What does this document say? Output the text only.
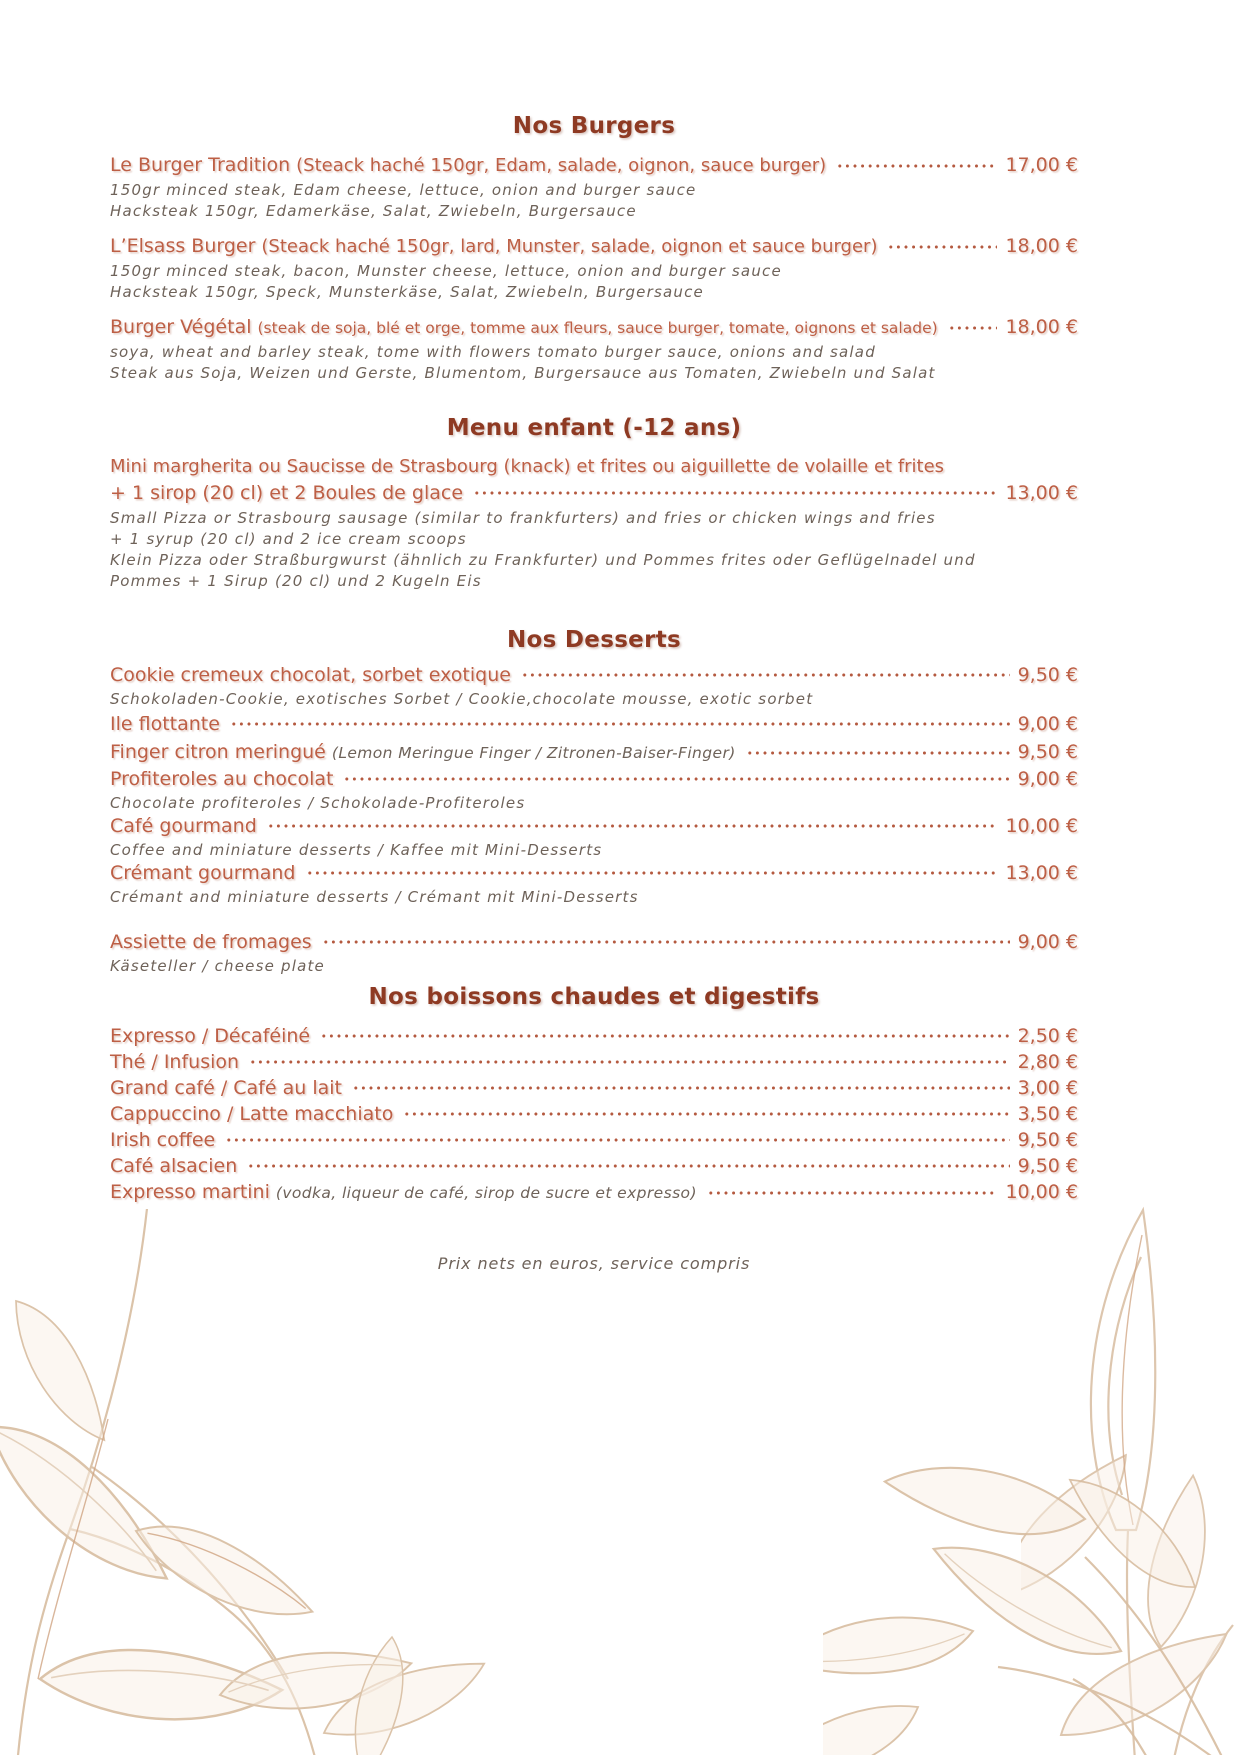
Nos Burgers
Le Burger Tradition (Steack haché 150gr, Edam, salade, oignon, sauce burger)	17,00 €
150gr minced steak, Edam cheese, lettuce, onion and burger sauce
Hacksteak 150gr, Edamerkäse, Salat, Zwiebeln, Burgersauce
L’Elsass Burger (Steack haché 150gr, lard, Munster, salade, oignon et sauce burger)	18,00 €
150gr minced steak, bacon, Munster cheese, lettuce, onion and burger sauce
Hacksteak 150gr, Speck, Munsterkäse, Salat, Zwiebeln, Burgersauce
Burger Végétal (steak de soja, blé et orge, tomme aux fleurs, sauce burger, tomate, oignons et salade)	18,00 €
soya, wheat and barley steak, tome with flowers tomato burger sauce, onions and salad
Steak aus Soja, Weizen und Gerste, Blumentom, Burgersauce aus Tomaten, Zwiebeln und Salat
Menu enfant (-12 ans)
Mini margherita ou Saucisse de Strasbourg (knack) et frites ou aiguillette de volaille et frites
+ 1 sirop (20 cl) et 2 Boules de glace	13,00 €
Small Pizza or Strasbourg sausage (similar to frankfurters) and fries or chicken wings and fries
+ 1 syrup (20 cl) and 2 ice cream scoops
Klein Pizza oder Straßburgwurst (ähnlich zu Frankfurter) und Pommes frites oder Geflügelnadel und
Pommes + 1 Sirup (20 cl) und 2 Kugeln Eis
Nos Desserts
Cookie cremeux chocolat, sorbet exotique	9,50 €
Schokoladen-Cookie, exotisches Sorbet / Cookie,chocolate mousse, exotic sorbet
Ile flottante	9,00 €
Finger citron meringué (Lemon Meringue Finger / Zitronen-Baiser-Finger)	9,50 €
Profiteroles au chocolat	9,00 €
Chocolate profiteroles / Schokolade-Profiteroles
Café gourmand	10,00 €
Coffee and miniature desserts / Kaffee mit Mini-Desserts
Crémant gourmand	13,00 €
Crémant and miniature desserts / Crémant mit Mini-Desserts
Assiette de fromages	9,00 €
Käseteller / cheese plate
Nos boissons chaudes et digestifs
Expresso / Décaféiné	2,50 €
Thé / Infusion	2,80 €
Grand café / Café au lait	3,00 €
Cappuccino / Latte macchiato	3,50 €
Irish coffee	9,50 €
Café alsacien	9,50 €
Expresso martini (vodka, liqueur de café, sirop de sucre et expresso)	10,00 €
Prix nets en euros, service compris
